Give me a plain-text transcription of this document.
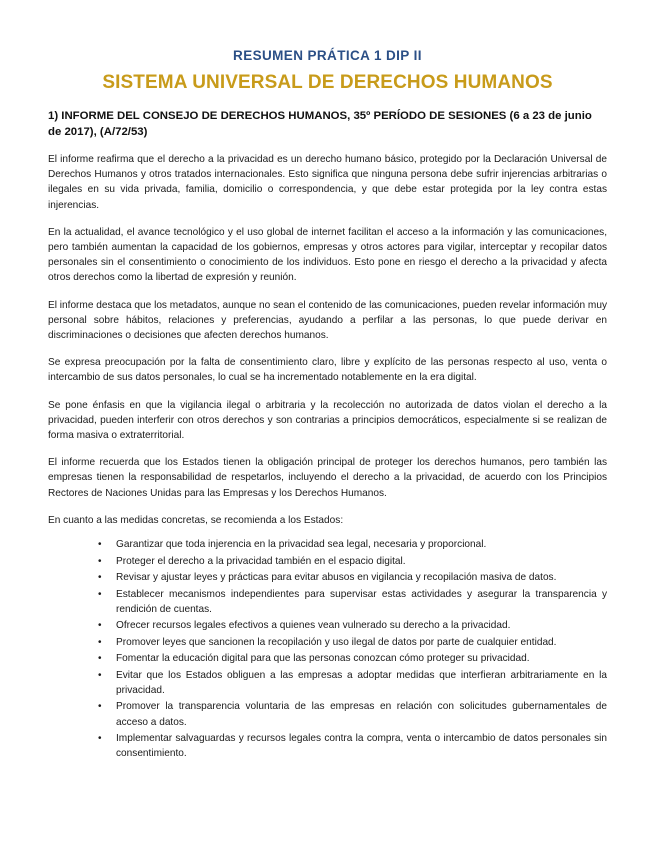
RESUMEN PRÁTICA 1 DIP II

SISTEMA UNIVERSAL DE DERECHOS HUMANOS
1) INFORME DEL CONSEJO DE DERECHOS HUMANOS, 35º PERÍODO DE SESIONES (6 a 23 de junio de 2017), (A/72/53)

El informe reafirma que el derecho a la privacidad es un derecho humano básico, protegido por la Declaración Universal de Derechos Humanos y otros tratados internacionales. Esto significa que ninguna persona debe sufrir injerencias arbitrarias o ilegales en su vida privada, familia, domicilio o correspondencia, y que debe estar protegida por la ley contra estas injerencias.

En la actualidad, el avance tecnológico y el uso global de internet facilitan el acceso a la información y las comunicaciones, pero también aumentan la capacidad de los gobiernos, empresas y otros actores para vigilar, interceptar y recopilar datos personales sin el consentimiento o conocimiento de los individuos. Esto pone en riesgo el derecho a la privacidad y afecta otros derechos como la libertad de expresión y reunión.

El informe destaca que los metadatos, aunque no sean el contenido de las comunicaciones, pueden revelar información muy personal sobre hábitos, relaciones y preferencias, ayudando a perfilar a las personas, lo que puede derivar en discriminaciones o decisiones que afecten derechos humanos.

Se expresa preocupación por la falta de consentimiento claro, libre y explícito de las personas respecto al uso, venta o intercambio de sus datos personales, lo cual se ha incrementado notablemente en la era digital.

Se pone énfasis en que la vigilancia ilegal o arbitraria y la recolección no autorizada de datos violan el derecho a la privacidad, pueden interferir con otros derechos y son contrarias a principios democráticos, especialmente si se realizan de forma masiva o extraterritorial.

El informe recuerda que los Estados tienen la obligación principal de proteger los derechos humanos, pero también las empresas tienen la responsabilidad de respetarlos, incluyendo el derecho a la privacidad, de acuerdo con los Principios Rectores de Naciones Unidas para las Empresas y los Derechos Humanos.

En cuanto a las medidas concretas, se recomienda a los Estados:

• Garantizar que toda injerencia en la privacidad sea legal, necesaria y proporcional.
• Proteger el derecho a la privacidad también en el espacio digital.
• Revisar y ajustar leyes y prácticas para evitar abusos en vigilancia y recopilación masiva de datos.
• Establecer mecanismos independientes para supervisar estas actividades y asegurar la transparencia y rendición de cuentas.
• Ofrecer recursos legales efectivos a quienes vean vulnerado su derecho a la privacidad.
• Promover leyes que sancionen la recopilación y uso ilegal de datos por parte de cualquier entidad.
• Fomentar la educación digital para que las personas conozcan cómo proteger su privacidad.
• Evitar que los Estados obliguen a las empresas a adoptar medidas que interfieran arbitrariamente en la privacidad.
• Promover la transparencia voluntaria de las empresas en relación con solicitudes gubernamentales de acceso a datos.
• Implementar salvaguardas y recursos legales contra la compra, venta o intercambio de datos personales sin consentimiento.
